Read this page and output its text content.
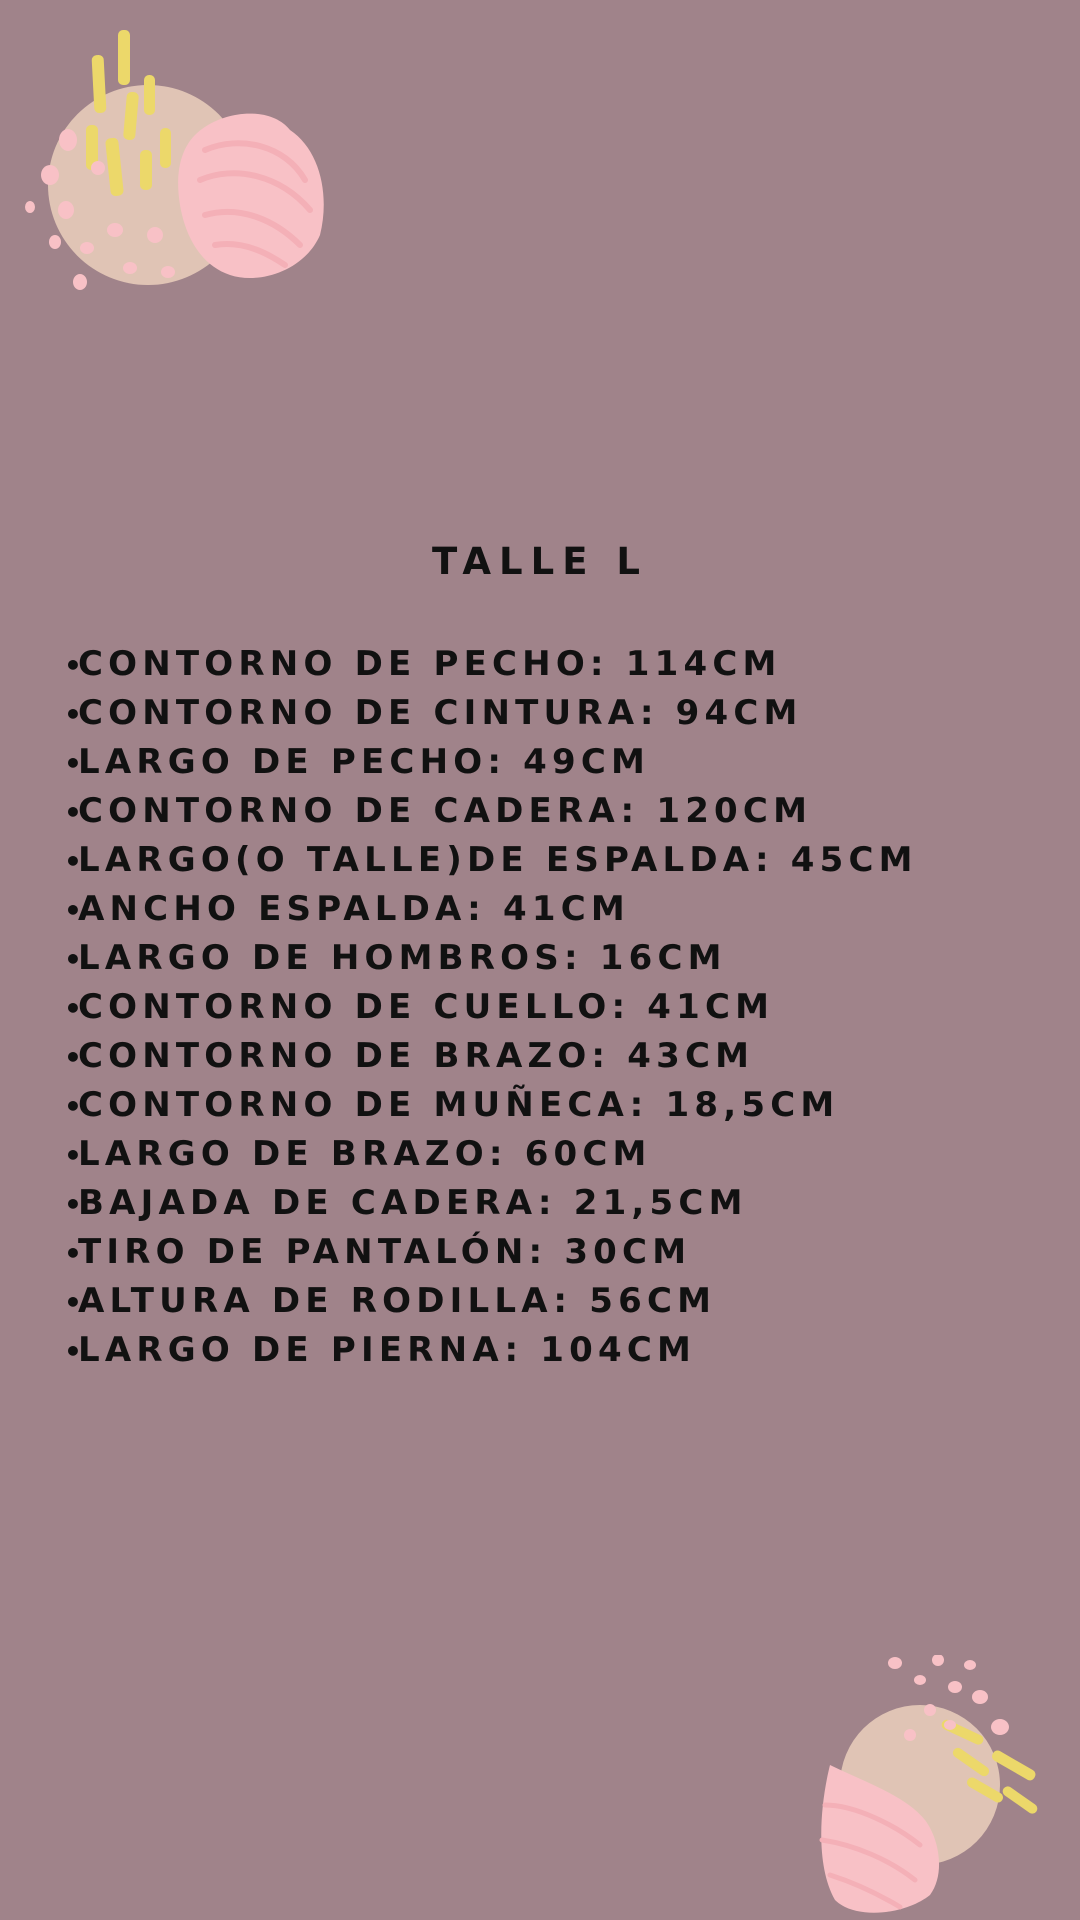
TALLE L
•CONTORNO DE PECHO: 114CM
•CONTORNO DE CINTURA: 94CM
•LARGO DE PECHO: 49CM
•CONTORNO DE CADERA: 120CM
•LARGO(O TALLE)DE ESPALDA: 45CM
•ANCHO ESPALDA: 41CM
•LARGO DE HOMBROS: 16CM
•CONTORNO DE CUELLO: 41CM
•CONTORNO DE BRAZO: 43CM
•CONTORNO DE MUÑECA: 18,5CM
•LARGO DE BRAZO: 60CM
•BAJADA DE CADERA: 21,5CM
•TIRO DE PANTALÓN: 30CM
•ALTURA DE RODILLA: 56CM
•LARGO DE PIERNA: 104CM
